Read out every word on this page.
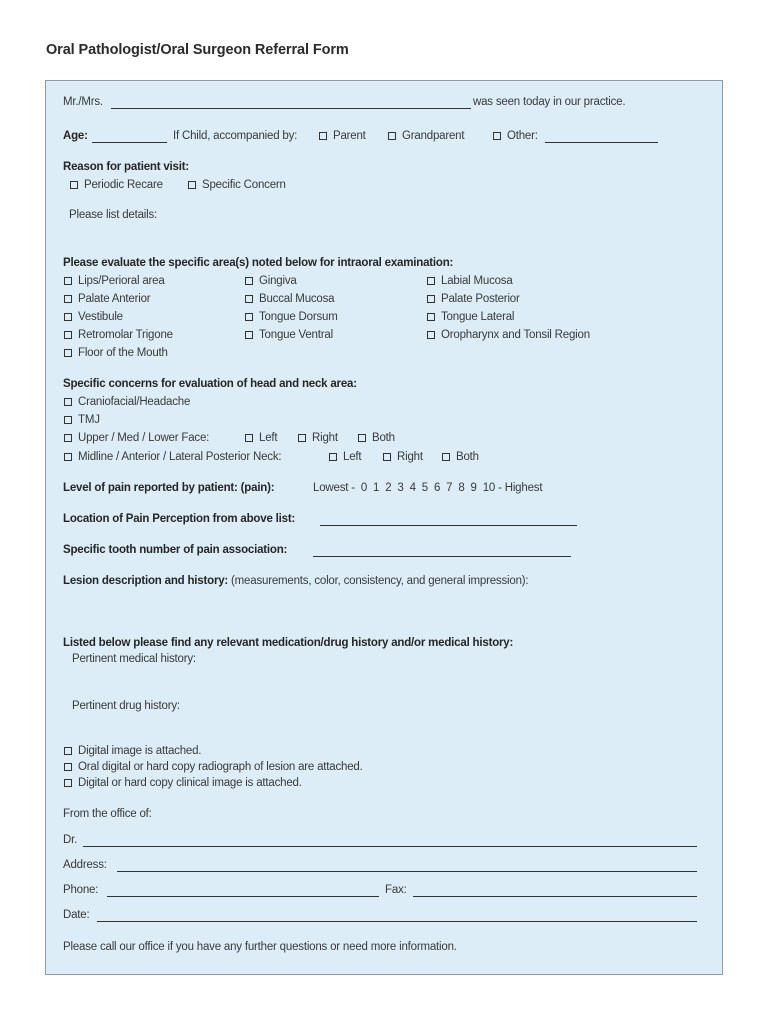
Oral Pathologist/Oral Surgeon Referral Form
Mr./Mrs.	was seen today in our practice.
Age:	If Child, accompanied by:	Parent	Grandparent	Other:
Reason for patient visit:
Periodic Recare	Specific Concern
Please list details:
Please evaluate the specific area(s) noted below for intraoral examination:
Lips/Perioral area	Gingiva	Labial Mucosa
Palate Anterior	Buccal Mucosa	Palate Posterior
Vestibule	Tongue Dorsum	Tongue Lateral
Retromolar Trigone	Tongue Ventral	Oropharynx and Tonsil Region
Floor of the Mouth
Specific concerns for evaluation of head and neck area:
Craniofacial/Headache
TMJ
Upper / Med / Lower Face:	Left	Right	Both
Midline / Anterior / Lateral Posterior Neck:	Left	Right	Both
Level of pain reported by patient: (pain):	Lowest -  0  1  2  3  4  5  6  7  8  9  10 - Highest
Location of Pain Perception from above list:
Specific tooth number of pain association:
Lesion description and history: (measurements, color, consistency, and general impression):
Listed below please find any relevant medication/drug history and/or medical history:
Pertinent medical history:
Pertinent drug history:
Digital image is attached.
Oral digital or hard copy radiograph of lesion are attached.
Digital or hard copy clinical image is attached.
From the office of:
Dr.
Address:
Phone:	Fax:
Date:
Please call our office if you have any further questions or need more information.
